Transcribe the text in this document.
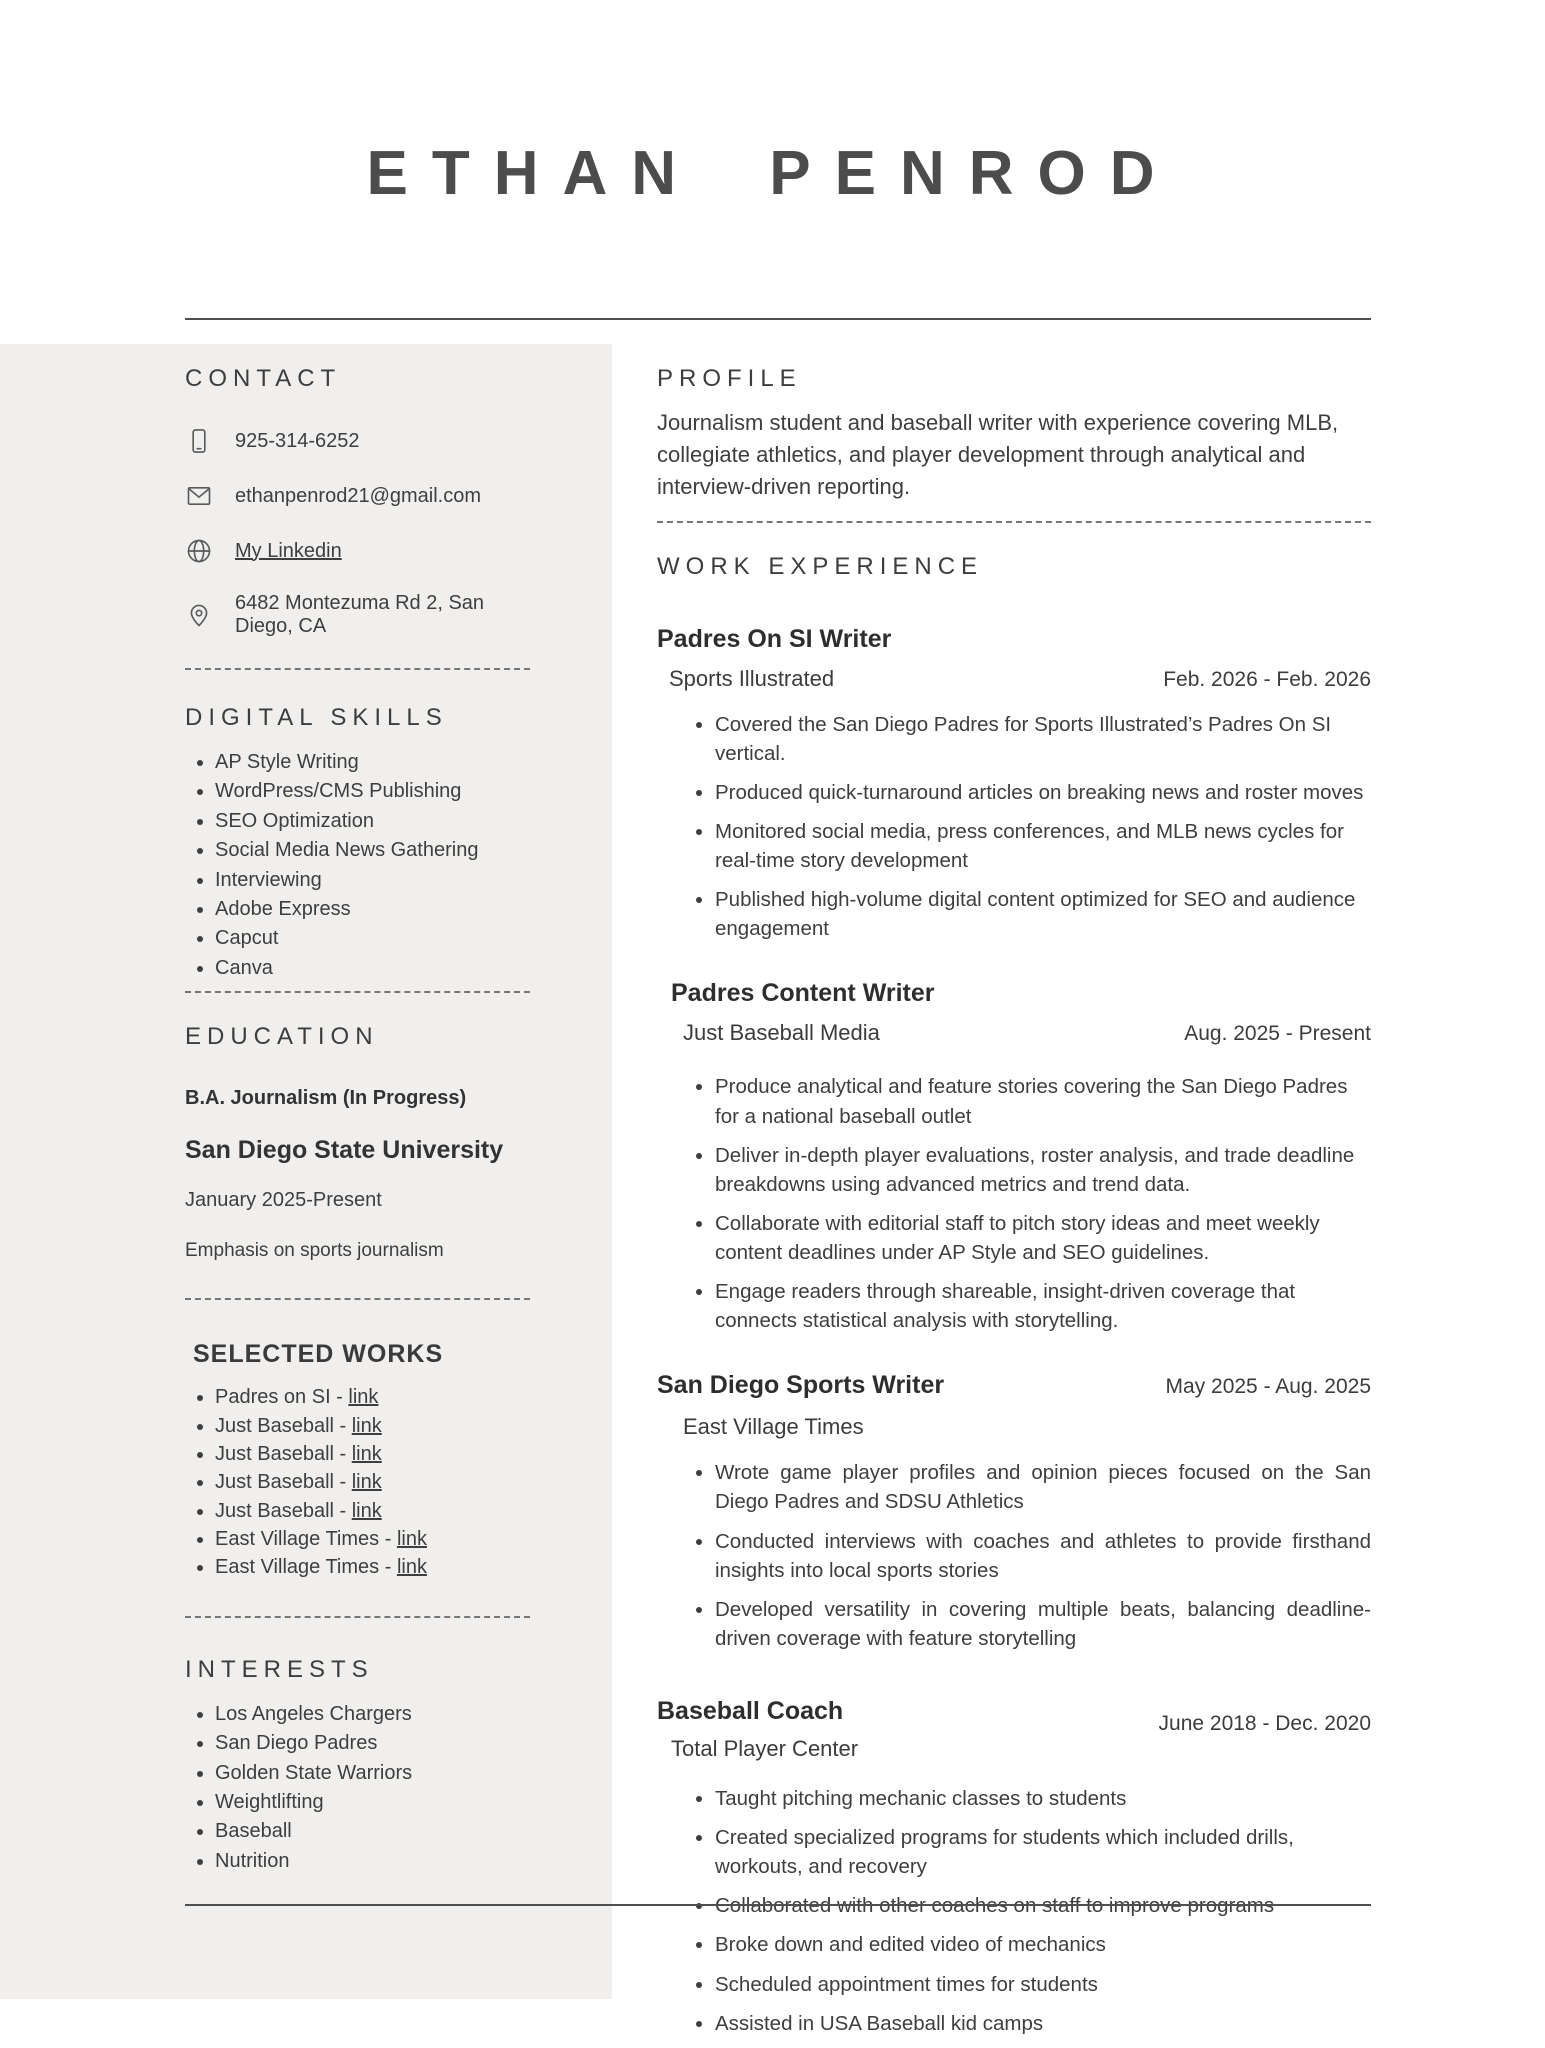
ETHAN PENROD
CONTACT
925-314-6252
ethanpenrod21@gmail.com
My Linkedin
6482 Montezuma Rd 2, San Diego, CA
DIGITAL SKILLS
• AP Style Writing
• WordPress/CMS Publishing
• SEO Optimization
• Social Media News Gathering
• Interviewing
• Adobe Express
• Capcut
• Canva
EDUCATION
B.A. Journalism (In Progress)
San Diego State University
January 2025-Present
Emphasis on sports journalism
SELECTED WORKS
• Padres on SI - link
• Just Baseball - link
• Just Baseball - link
• Just Baseball - link
• Just Baseball - link
• East Village Times - link
• East Village Times - link
INTERESTS
• Los Angeles Chargers
• San Diego Padres
• Golden State Warriors
• Weightlifting
• Baseball
• Nutrition
PROFILE

Journalism student and baseball writer with experience covering MLB, collegiate athletics, and player development through analytical and interview-driven reporting.

WORK EXPERIENCE
Padres On SI Writer
Sports Illustrated	Feb. 2026 - Feb. 2026
• Covered the San Diego Padres for Sports Illustrated’s Padres On SI vertical.
• Produced quick-turnaround articles on breaking news and roster moves
• Monitored social media, press conferences, and MLB news cycles for real-time story development
• Published high-volume digital content optimized for SEO and audience engagement
Padres Content Writer
Just Baseball Media	Aug. 2025 - Present
• Produce analytical and feature stories covering the San Diego Padres for a national baseball outlet
• Deliver in-depth player evaluations, roster analysis, and trade deadline breakdowns using advanced metrics and trend data.
• Collaborate with editorial staff to pitch story ideas and meet weekly content deadlines under AP Style and SEO guidelines.
• Engage readers through shareable, insight-driven coverage that connects statistical analysis with storytelling.
San Diego Sports Writer	May 2025 - Aug. 2025
East Village Times
• Wrote game player profiles and opinion pieces focused on the San Diego Padres and SDSU Athletics
• Conducted interviews with coaches and athletes to provide firsthand insights into local sports stories
• Developed versatility in covering multiple beats, balancing deadline-driven coverage with feature storytelling
Baseball Coach	June 2018 - Dec. 2020
Total Player Center
• Taught pitching mechanic classes to students
• Created specialized programs for students which included drills, workouts, and recovery
• Collaborated with other coaches on staff to improve programs
• Broke down and edited video of mechanics
• Scheduled appointment times for students
• Assisted in USA Baseball kid camps
